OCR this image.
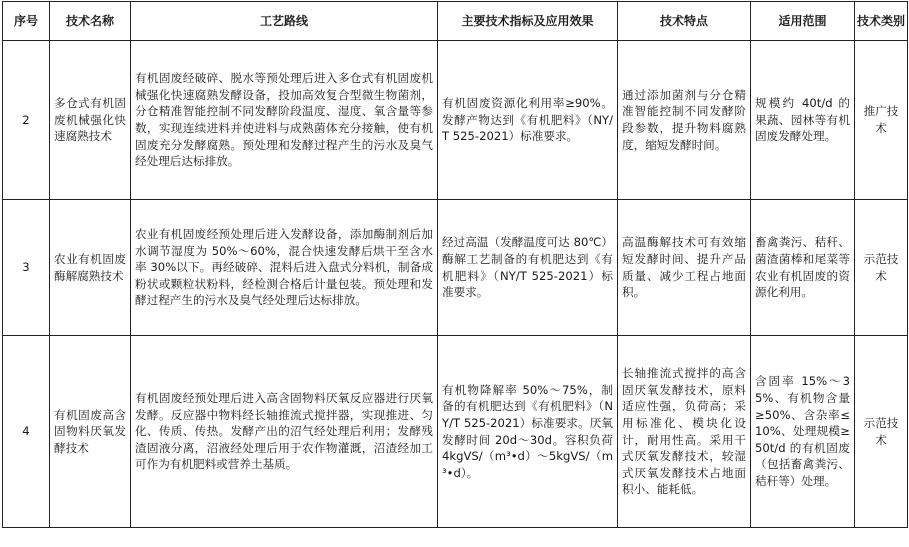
序号	技术名称	工艺路线	主要技术指标及应用效果	技术特点	适用范围	技术类别
2	多仓式有机固废机械强化快速腐熟技术	有机固废经破碎、脱水等预处理后进入多仓式有机固废机械强化快速腐熟发酵设备，投加高效复合型微生物菌剂，分仓精准智能控制不同发酵阶段温度、湿度、氧含量等参数，实现连续进料并使进料与成熟菌体充分接触，使有机固废充分发酵腐熟。预处理和发酵过程产生的污水及臭气经处理后达标排放。	有机固废资源化利用率≥90%。发酵产物达到《有机肥料》（NY/T 525-2021）标准要求。	通过添加菌剂与分仓精准智能控制不同发酵阶段参数，提升物料腐熟度，缩短发酵时间。	规模约 40t/d 的果蔬、园林等有机固废发酵处理。	推广技术
3	农业有机固废酶解腐熟技术	农业有机固废经预处理后进入发酵设备，添加酶制剂后加水调节湿度为 50%～60%，混合快速发酵后烘干至含水率 30%以下。再经破碎、混料后进入盘式分料机，制备成粉状或颗粒状粉料，经检测合格后计量包装。预处理和发酵过程产生的污水及臭气经处理后达标排放。	经过高温（发酵温度可达 80℃）酶解工艺制备的有机肥达到《有机肥料》（NY/T 525-2021）标准要求。	高温酶解技术可有效缩短发酵时间、提升产品质量、减少工程占地面积。	畜禽粪污、秸秆、菌渣菌棒和尾菜等农业有机固废的资源化利用。	示范技术
4	有机固废高含固物料厌氧发酵技术	有机固废经预处理后进入高含固物料厌氧反应器进行厌氧发酵。反应器中物料经长轴推流式搅拌器，实现推进、匀化、传质、传热。发酵产出的沼气经处理后利用；发酵残渣固液分离，沼液经处理后用于农作物灌溉，沼渣经加工可作为有机肥料或营养土基质。	有机物降解率 50%～75%，制备的有机肥达到《有机肥料》（NY/T 525-2021）标准要求。厌氧发酵时间 20d～30d。容积负荷 4kgVS/（m³•d）～5kgVS/（m³•d）。	长轴推流式搅拌的高含固厌氧发酵技术，原料适应性强，负荷高；采用标准化、模块化设计，耐用性高。采用干式厌氧发酵技术，较湿式厌氧发酵技术占地面积小、能耗低。	含固率 15%～35%、有机物含量≥50%、含杂率≤10%、处理规模≥50t/d 的有机固废（包括畜禽粪污、秸秆等）处理。	示范技术
